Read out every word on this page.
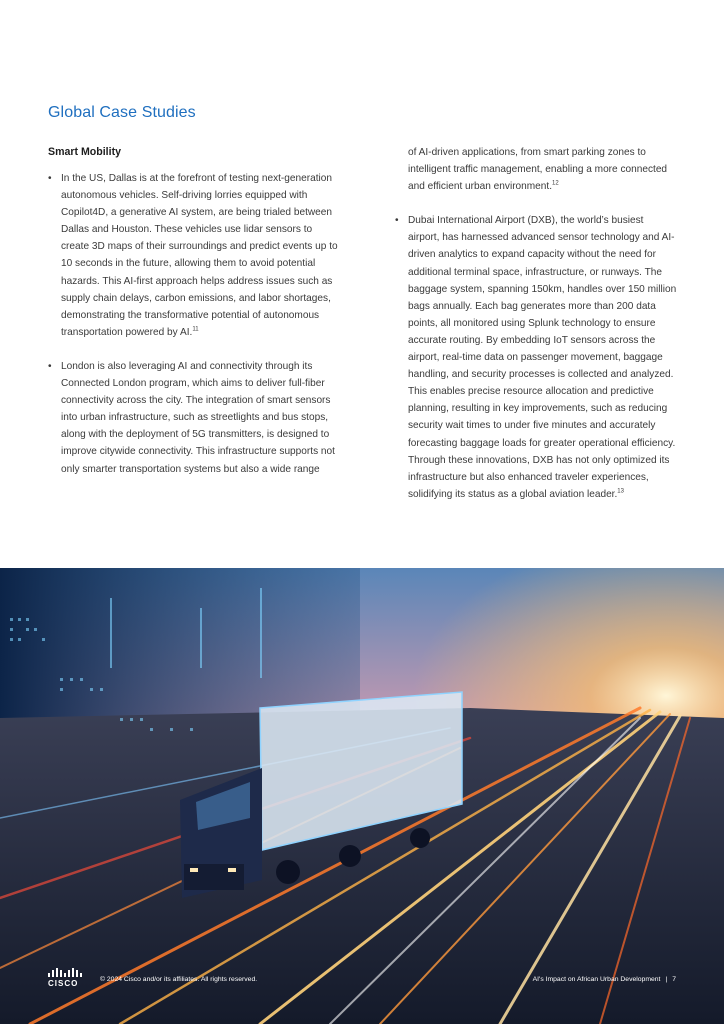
Global Case Studies
Smart Mobility
• In the US, Dallas is at the forefront of testing next-generation autonomous vehicles. Self-driving lorries equipped with Copilot4D, a generative AI system, are being trialed between Dallas and Houston. These vehicles use lidar sensors to create 3D maps of their surroundings and predict events up to 10 seconds in the future, allowing them to avoid potential hazards. This AI-first approach helps address issues such as supply chain delays, carbon emissions, and labor shortages, demonstrating the transformative potential of autonomous transportation powered by AI.$^{11}$
• London is also leveraging AI and connectivity through its Connected London program, which aims to deliver full-fiber connectivity across the city. The integration of smart sensors into urban infrastructure, such as streetlights and bus stops, along with the deployment of 5G transmitters, is designed to improve citywide connectivity. This infrastructure supports not only smarter transportation systems but also a wide range

of AI-driven applications, from smart parking zones to intelligent traffic management, enabling a more connected and efficient urban environment.$^{12}$

• Dubai International Airport (DXB), the world’s busiest airport, has harnessed advanced sensor technology and AI-driven analytics to expand capacity without the need for additional terminal space, infrastructure, or runways. The baggage system, spanning 150km, handles over 150 million bags annually. Each bag generates more than 200 data points, all monitored using Splunk technology to ensure accurate routing. By embedding IoT sensors across the airport, real-time data on passenger movement, baggage handling, and security processes is collected and analyzed. This enables precise resource allocation and predictive planning, resulting in key improvements, such as reducing security wait times to under five minutes and accurately forecasting baggage loads for greater operational efficiency. Through these innovations, DXB has not only optimized its infrastructure but also enhanced traveler experiences, solidifying its status as a global aviation leader.$^{13}$
CISCO	© 2024 Cisco and/or its affiliates. All rights reserved.	AI's Impact on African Urban Development | 7
